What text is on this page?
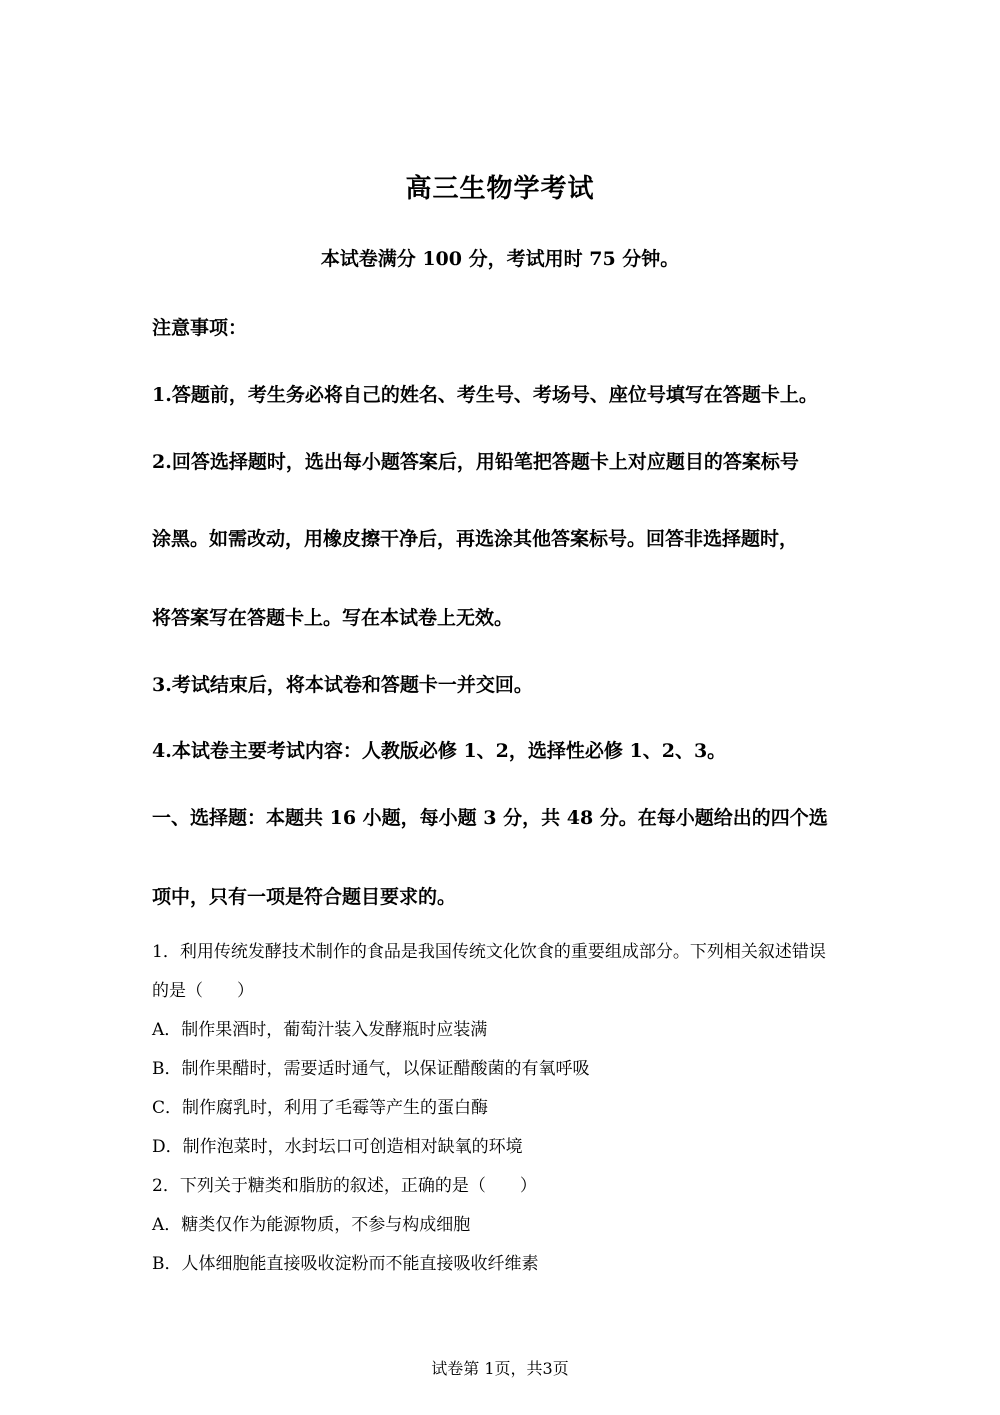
高三生物学考试
本试卷满分 100 分，考试用时 75 分钟。
注意事项：
1.答题前，考生务必将自己的姓名、考生号、考场号、座位号填写在答题卡上。
2.回答选择题时，选出每小题答案后，用铅笔把答题卡上对应题目的答案标号
涂黑。如需改动，用橡皮擦干净后，再选涂其他答案标号。回答非选择题时，
将答案写在答题卡上。写在本试卷上无效。
3.考试结束后，将本试卷和答题卡一并交回。
4.本试卷主要考试内容：人教版必修 1、2，选择性必修 1、2、3。
一、选择题：本题共 16 小题，每小题 3 分，共 48 分。在每小题给出的四个选
项中，只有一项是符合题目要求的。
1．利用传统发酵技术制作的食品是我国传统文化饮食的重要组成部分。下列相关叙述错误
的是（　　）
A．制作果酒时，葡萄汁装入发酵瓶时应装满
B．制作果醋时，需要适时通气，以保证醋酸菌的有氧呼吸
C．制作腐乳时，利用了毛霉等产生的蛋白酶
D．制作泡菜时，水封坛口可创造相对缺氧的环境
2．下列关于糖类和脂肪的叙述，正确的是（　　）
A．糖类仅作为能源物质，不参与构成细胞
B．人体细胞能直接吸收淀粉而不能直接吸收纤维素
试卷第 1页，共3页
